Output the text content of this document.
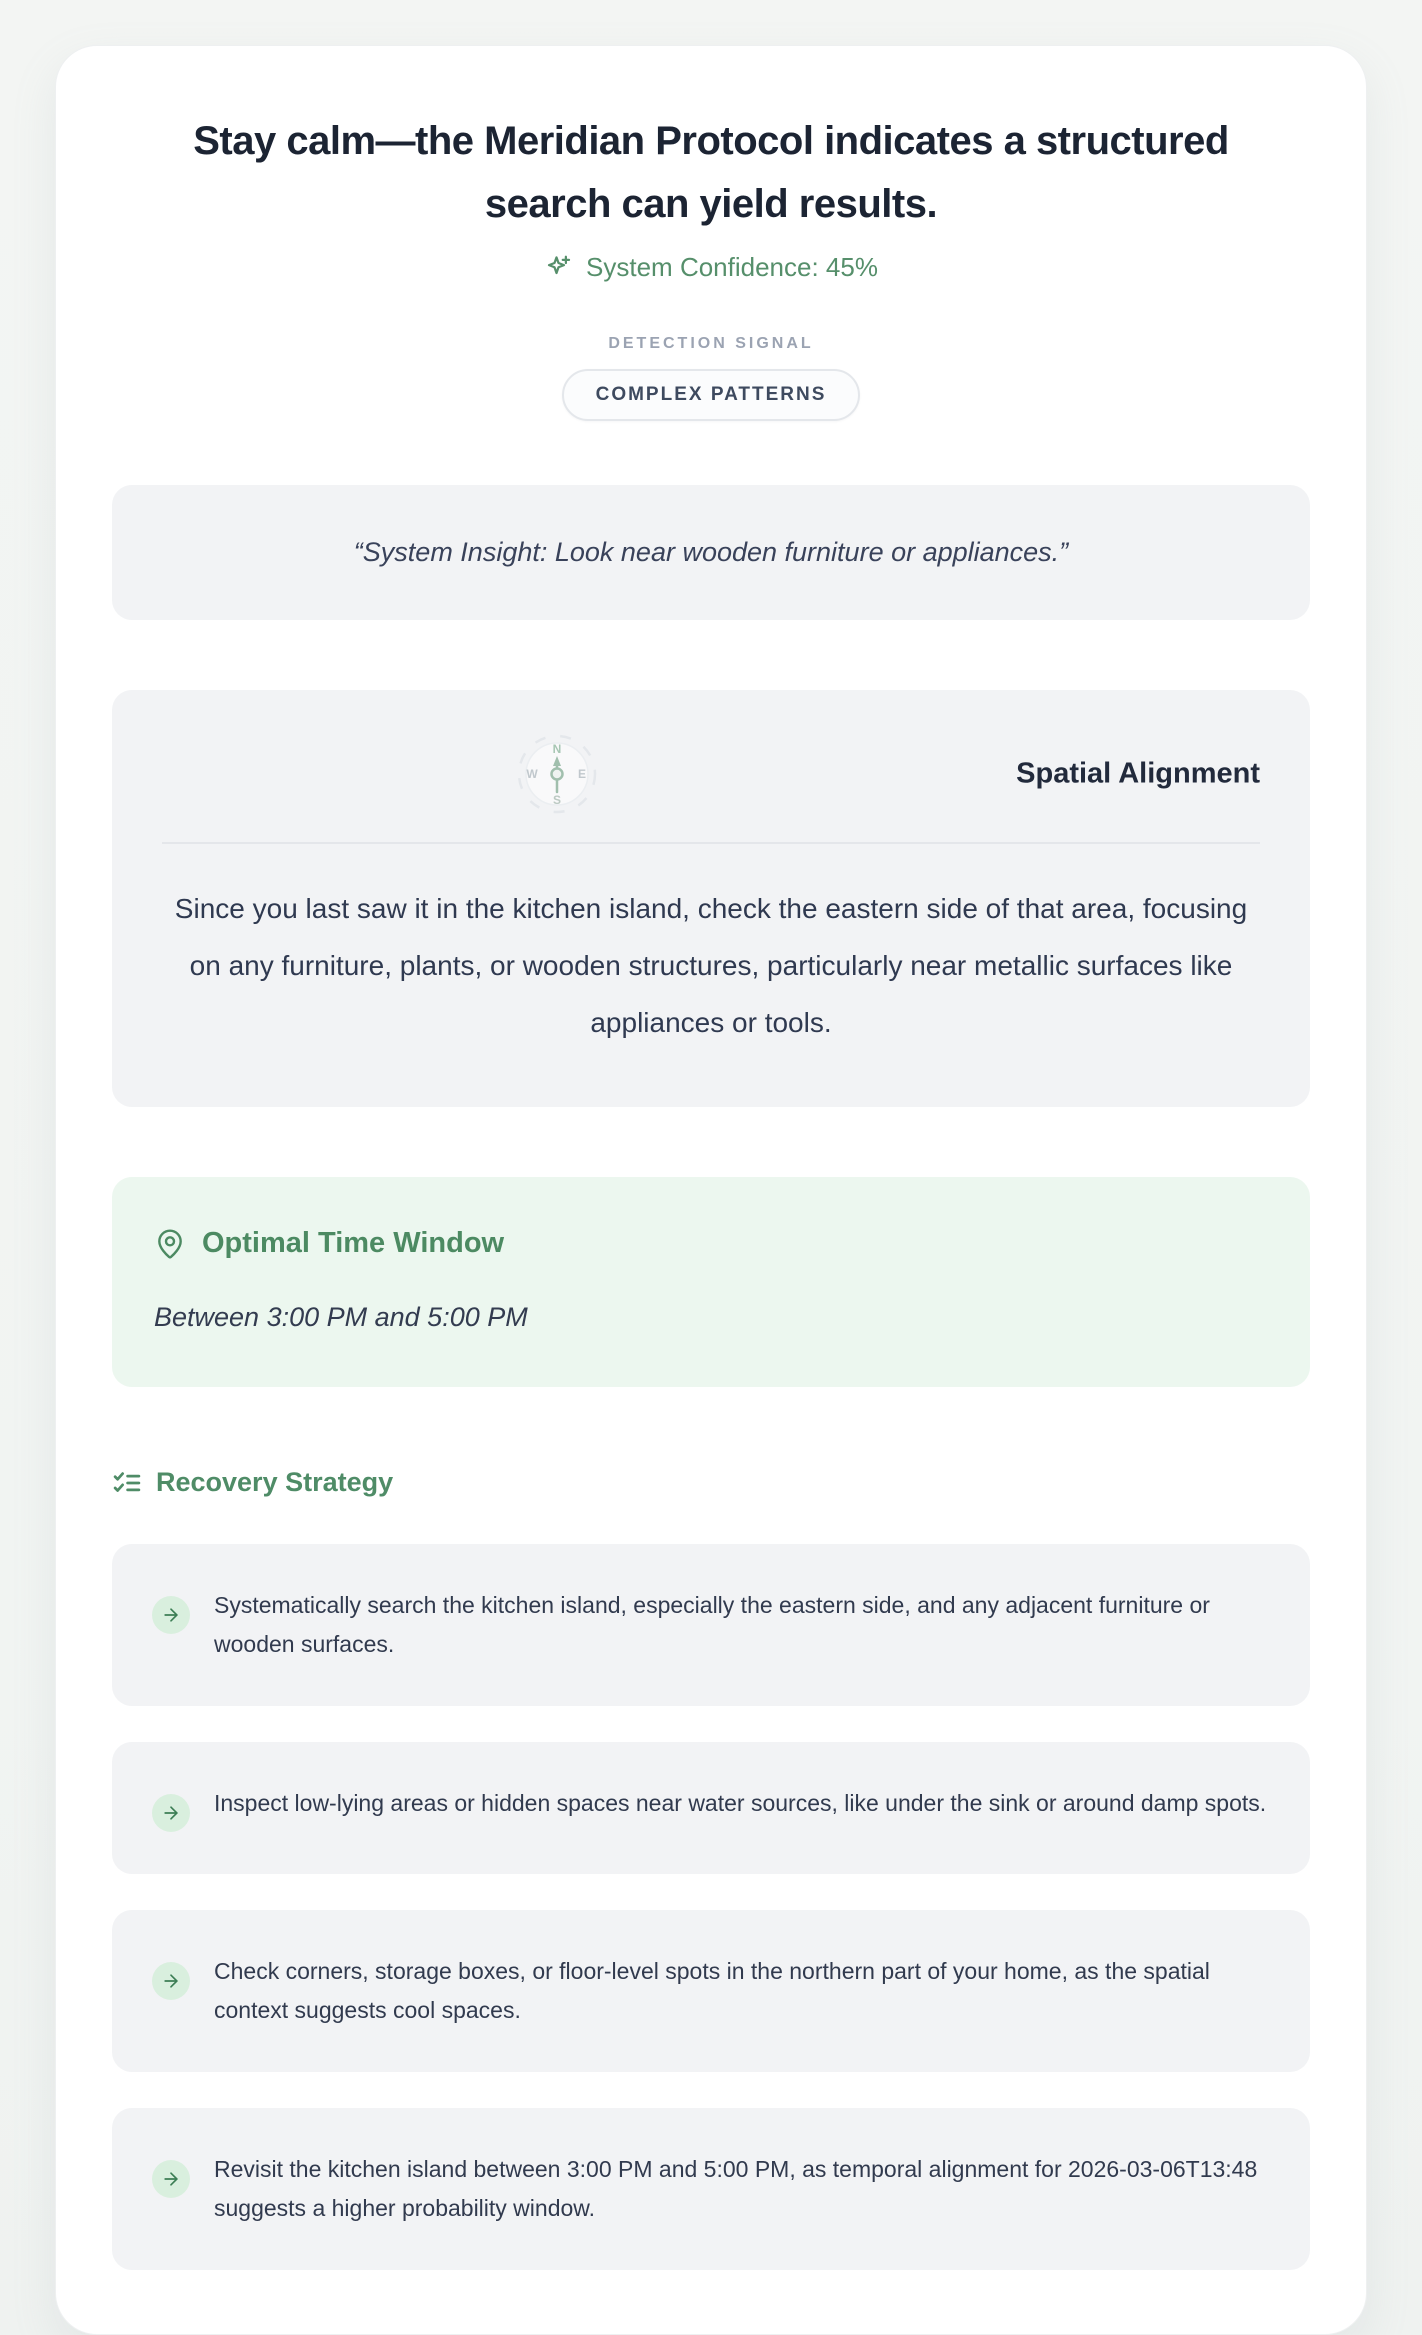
Stay calm—the Meridian Protocol indicates a structured search can yield results.
System Confidence: 45%
DETECTION SIGNAL
COMPLEX PATTERNS
“System Insight: Look near wooden furniture or appliances.”
N
E
S
W	Spatial Alignment

Since you last saw it in the kitchen island, check the eastern side of that area, focusing on any furniture, plants, or wooden structures, particularly near metallic surfaces like appliances or tools.

Optimal Time Window
Between 3:00 PM and 5:00 PM
Recovery Strategy
Systematically search the kitchen island, especially the eastern side, and any adjacent furniture or wooden surfaces.
Inspect low-lying areas or hidden spaces near water sources, like under the sink or around damp spots.
Check corners, storage boxes, or floor-level spots in the northern part of your home, as the spatial context suggests cool spaces.
Revisit the kitchen island between 3:00 PM and 5:00 PM, as temporal alignment for 2026-03-06T13:48 suggests a higher probability window.
